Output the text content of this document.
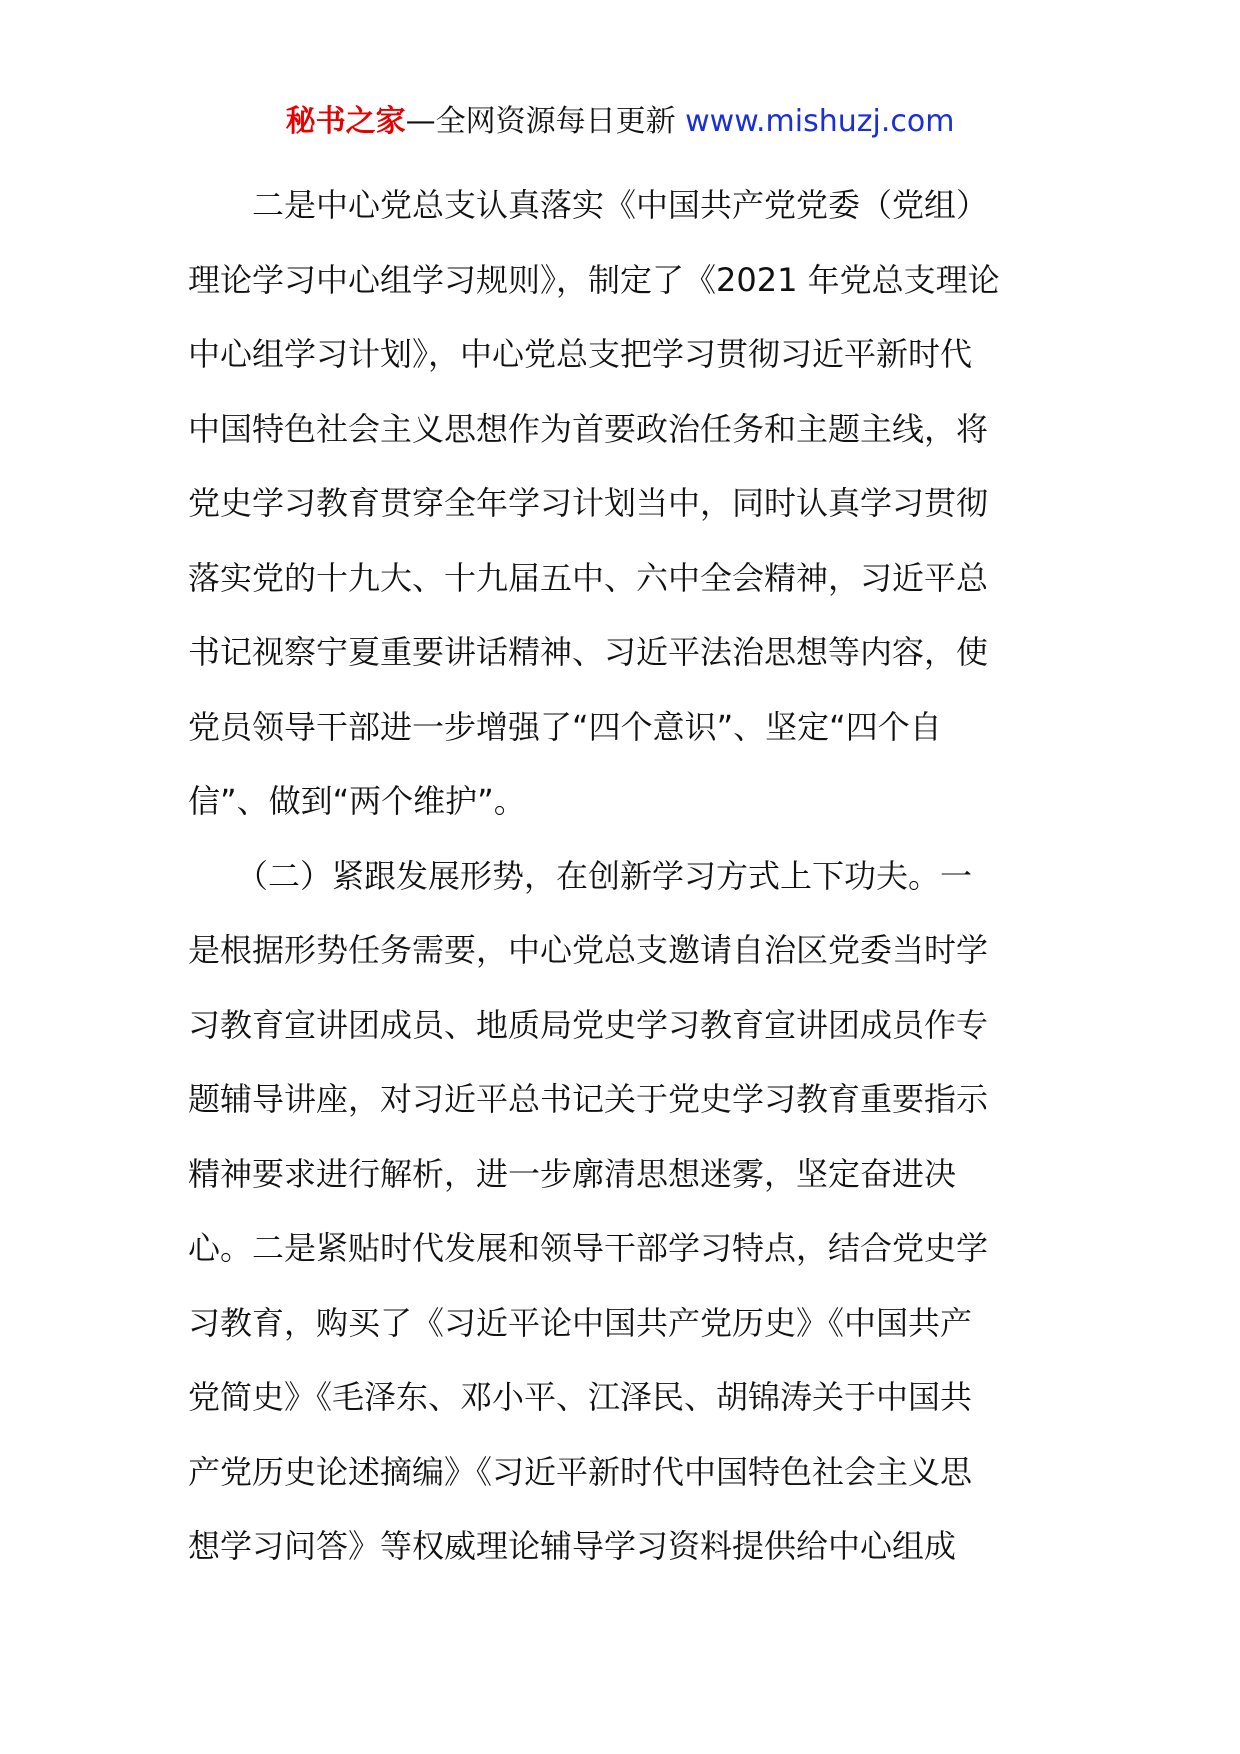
秘书之家—全网资源每日更新 www.mishuzj.com
　　二是中心党总支认真落实《中国共产党党委（党组）
理论学习中心组学习规则》，制定了《2021 年党总支理论
中心组学习计划》，中心党总支把学习贯彻习近平新时代
中国特色社会主义思想作为首要政治任务和主题主线，将
党史学习教育贯穿全年学习计划当中，同时认真学习贯彻
落实党的十九大、十九届五中、六中全会精神，习近平总
书记视察宁夏重要讲话精神、习近平法治思想等内容，使
党员领导干部进一步增强了“四个意识”、坚定“四个自
信”、做到“两个维护”。
　　（二）紧跟发展形势，在创新学习方式上下功夫。一
是根据形势任务需要，中心党总支邀请自治区党委当时学
习教育宣讲团成员、地质局党史学习教育宣讲团成员作专
题辅导讲座，对习近平总书记关于党史学习教育重要指示
精神要求进行解析，进一步廓清思想迷雾，坚定奋进决
心。二是紧贴时代发展和领导干部学习特点，结合党史学
习教育，购买了《习近平论中国共产党历史》《中国共产
党简史》《毛泽东、邓小平、江泽民、胡锦涛关于中国共
产党历史论述摘编》《习近平新时代中国特色社会主义思
想学习问答》等权威理论辅导学习资料提供给中心组成
